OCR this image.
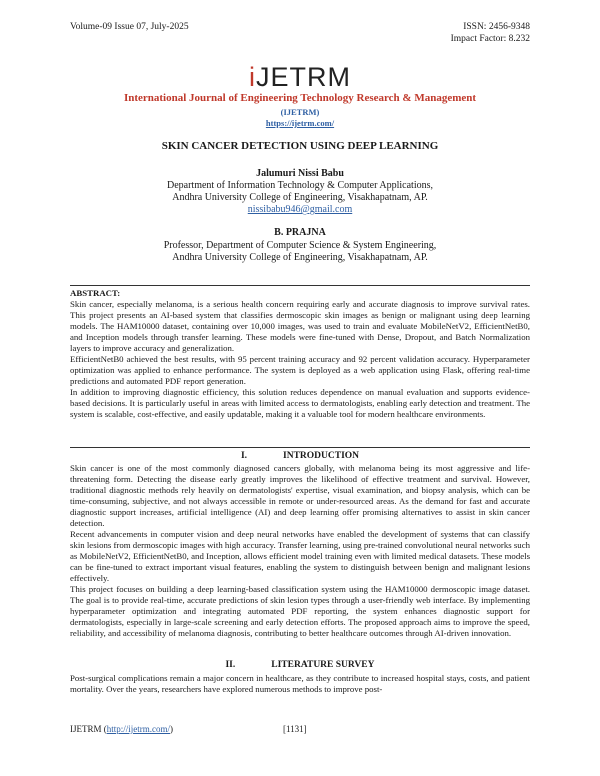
Volume-09 Issue 07, July-2025	ISSN: 2456-9348
Impact Factor: 8.232
iJETRM
International Journal of Engineering Technology Research & Management
(IJETRM)
https://ijetrm.com/
SKIN CANCER DETECTION USING DEEP LEARNING
Jalumuri Nissi Babu
Department of Information Technology & Computer Applications,
Andhra University College of Engineering, Visakhapatnam, AP.
nissibabu946@gmail.com
B. PRAJNA
Professor, Department of Computer Science & System Engineering,
Andhra University College of Engineering, Visakhapatnam, AP.

ABSTRACT:

Skin cancer, especially melanoma, is a serious health concern requiring early and accurate diagnosis to improve survival rates. This project presents an AI-based system that classifies dermoscopic skin images as benign or malignant using deep learning models. The HAM10000 dataset, containing over 10,000 images, was used to train and evaluate MobileNetV2, EfficientNetB0, and Inception models through transfer learning. These models were fine-tuned with Dense, Dropout, and Batch Normalization layers to improve accuracy and generalization.

EfficientNetB0 achieved the best results, with 95 percent training accuracy and 92 percent validation accuracy. Hyperparameter optimization was applied to enhance performance. The system is deployed as a web application using Flask, offering real-time predictions and automated PDF report generation.

In addition to improving diagnostic efficiency, this solution reduces dependence on manual evaluation and supports evidence-based decisions. It is particularly useful in areas with limited access to dermatologists, enabling early detection and treatment. The system is scalable, cost-effective, and easily updatable, making it a valuable tool for modern healthcare environments.

I.	INTRODUCTION

Skin cancer is one of the most commonly diagnosed cancers globally, with melanoma being its most aggressive and life-threatening form. Detecting the disease early greatly improves the likelihood of effective treatment and survival. However, traditional diagnostic methods rely heavily on dermatologists' expertise, visual examination, and biopsy analysis, which can be time-consuming, subjective, and not always accessible in remote or under-resourced areas. As the demand for fast and accurate diagnostic support increases, artificial intelligence (AI) and deep learning offer promising alternatives to assist in skin cancer detection.

Recent advancements in computer vision and deep neural networks have enabled the development of systems that can classify skin lesions from dermoscopic images with high accuracy. Transfer learning, using pre-trained convolutional neural networks such as MobileNetV2, EfficientNetB0, and Inception, allows efficient model training even with limited medical datasets. These models can be fine-tuned to extract important visual features, enabling the system to distinguish between benign and malignant lesions effectively.

This project focuses on building a deep learning-based classification system using the HAM10000 dermoscopic image dataset. The goal is to provide real-time, accurate predictions of skin lesion types through a user-friendly web interface. By implementing hyperparameter optimization and integrating automated PDF reporting, the system enhances diagnostic support for dermatologists, especially in large-scale screening and early detection efforts. The proposed approach aims to improve the speed, reliability, and accessibility of melanoma diagnosis, contributing to better healthcare outcomes through AI-driven innovation.

II.	LITERATURE SURVEY

Post-surgical complications remain a major concern in healthcare, as they contribute to increased hospital stays, costs, and patient mortality. Over the years, researchers have explored numerous methods to improve post-

IJETRM (http://ijetrm.com/)	[1131]
